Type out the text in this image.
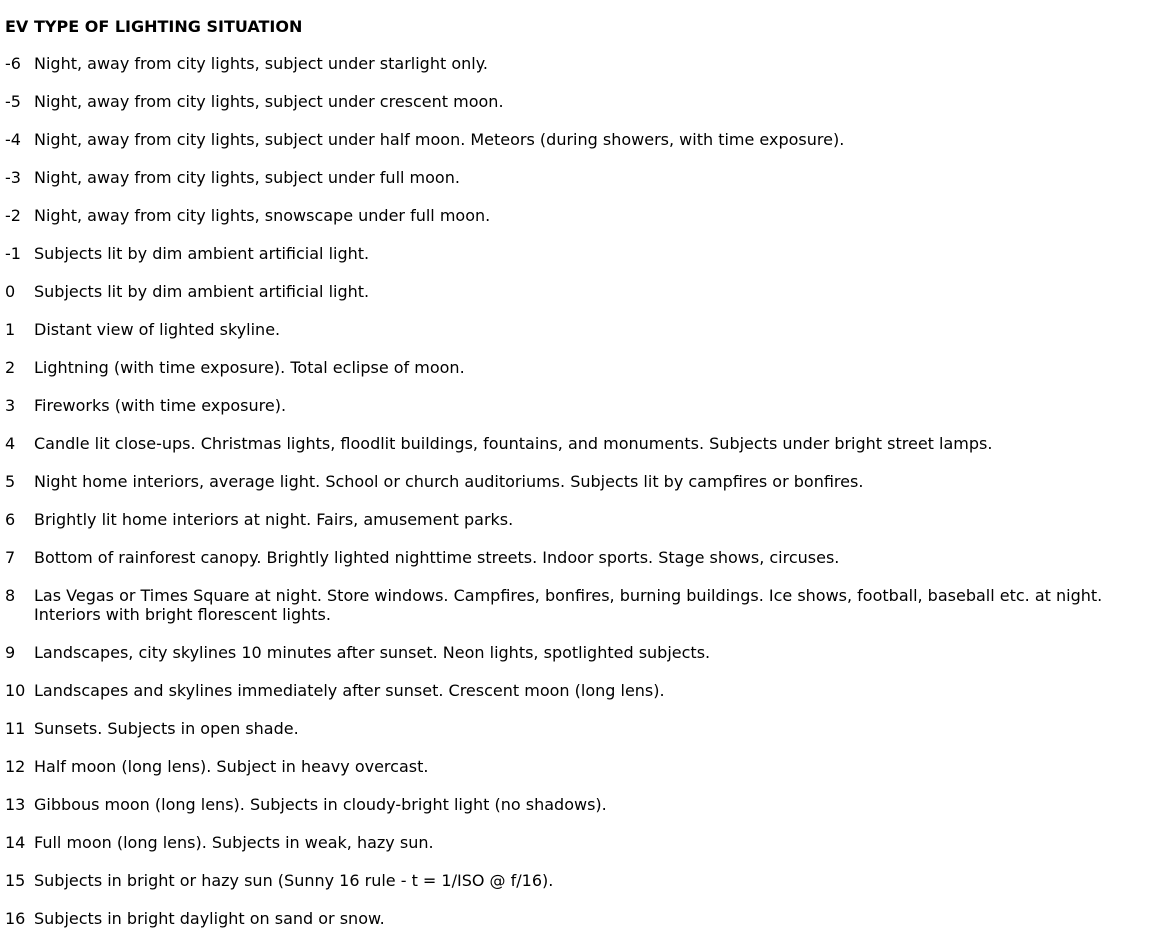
EV TYPE OF LIGHTING SITUATION
-6 Night, away from city lights, subject under starlight only.
-5 Night, away from city lights, subject under crescent moon.
-4 Night, away from city lights, subject under half moon. Meteors (during showers, with time exposure).
-3 Night, away from city lights, subject under full moon.
-2 Night, away from city lights, snowscape under full moon.
-1 Subjects lit by dim ambient artificial light.
0	Subjects lit by dim ambient artificial light.
1	Distant view of lighted skyline.
2	Lightning (with time exposure). Total eclipse of moon.
3	Fireworks (with time exposure).
4	Candle lit close-ups. Christmas lights, floodlit buildings, fountains, and monuments. Subjects under bright street lamps.
5	Night home interiors, average light. School or church auditoriums. Subjects lit by campfires or bonfires.
6	Brightly lit home interiors at night. Fairs, amusement parks.
7	Bottom of rainforest canopy. Brightly lighted nighttime streets. Indoor sports. Stage shows, circuses.
8	Las Vegas or Times Square at night. Store windows. Campfires, bonfires, burning buildings. Ice shows, football, baseball etc. at night. Interiors with bright florescent lights.
9	Landscapes, city skylines 10 minutes after sunset. Neon lights, spotlighted subjects.
10 Landscapes and skylines immediately after sunset. Crescent moon (long lens).
11 Sunsets. Subjects in open shade.
12 Half moon (long lens). Subject in heavy overcast.
13 Gibbous moon (long lens). Subjects in cloudy-bright light (no shadows).
14 Full moon (long lens). Subjects in weak, hazy sun.
15 Subjects in bright or hazy sun (Sunny 16 rule - t = 1/ISO @ f/16).
16 Subjects in bright daylight on sand or snow.
